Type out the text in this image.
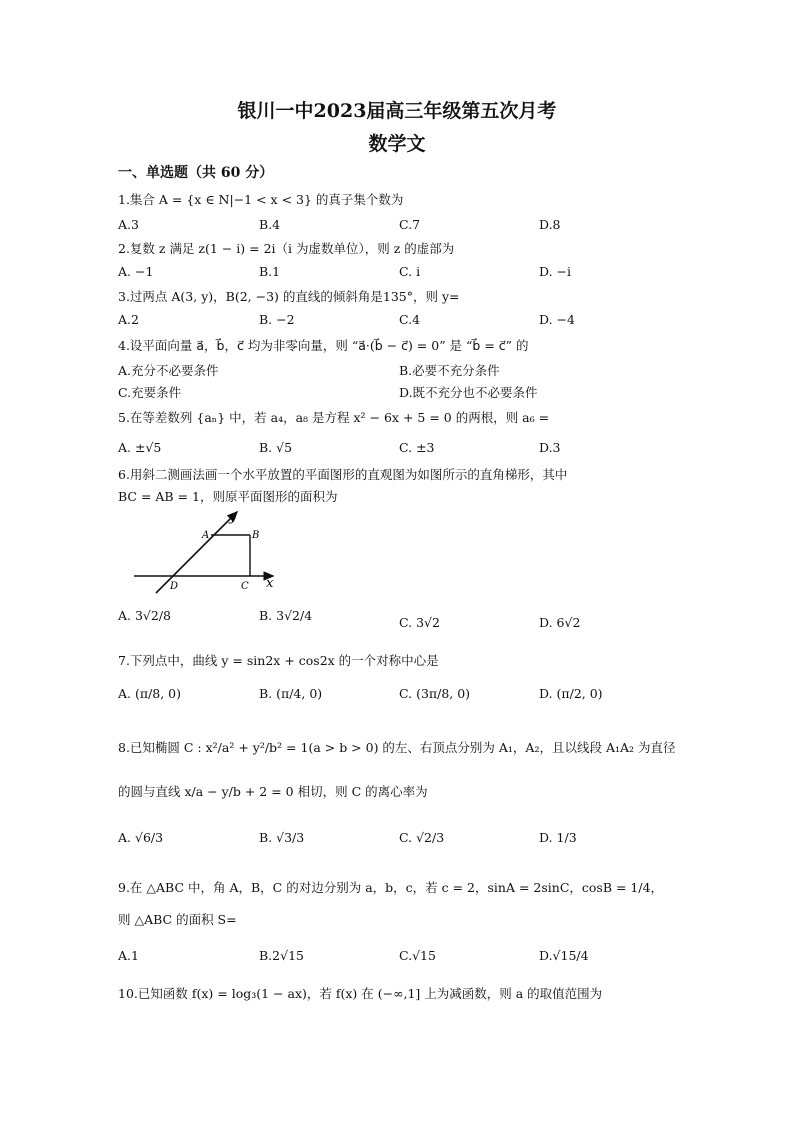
银川一中2023届高三年级第五次月考
数学文
一、单选题（共 60 分）
1.集合 A = {x ∈ N|−1 < x < 3} 的真子集个数为
A.3	B.4	C.7	D.8
2.复数 z 满足 z(1 − i) = 2i（i 为虚数单位），则 z 的虚部为
A. −1	B.1	C. i	D. −i
3.过两点 A(3, y)，B(2, −3) 的直线的倾斜角是135°，则 y=
A.2	B. −2	C.4	D. −4
4.设平面向量 a⃗，b⃗，c⃗ 均为非零向量，则 “a⃗·(b⃗ − c⃗) = 0” 是 “b⃗ = c⃗” 的
A.充分不必要条件	B.必要不充分条件
C.充要条件	D.既不充分也不必要条件
5.在等差数列 {aₙ} 中，若 a₄，a₈ 是方程 x² − 6x + 5 = 0 的两根，则 a₆ =
A. ±√5	B. √5	C. ±3	D.3
6.用斜二测画法画一个水平放置的平面图形的直观图为如图所示的直角梯形，其中
BC = AB = 1，则原平面图形的面积为
y
A	B
C
D	x
A. 3√2/8	B. 3√2/4	C. 3√2	D. 6√2
7.下列点中，曲线 y = sin2x + cos2x 的一个对称中心是
A. (π/8, 0)	B. (π/4, 0)	C. (3π/8, 0)	D. (π/2, 0)
8.已知椭圆 C : x²/a² + y²/b² = 1(a > b > 0) 的左、右顶点分别为 A₁，A₂，且以线段 A₁A₂ 为直径
的圆与直线 x/a − y/b + 2 = 0 相切，则 C 的离心率为
A. √6/3	B. √3/3	C. √2/3	D. 1/3
9.在 △ABC 中，角 A，B，C 的对边分别为 a，b，c，若 c = 2，sinA = 2sinC，cosB = 1/4，
则 △ABC 的面积 S=
A.1	B.2√15	C.√15	D.√15/4
10.已知函数 f(x) = log₃(1 − ax)，若 f(x) 在 (−∞,1] 上为减函数，则 a 的取值范围为
